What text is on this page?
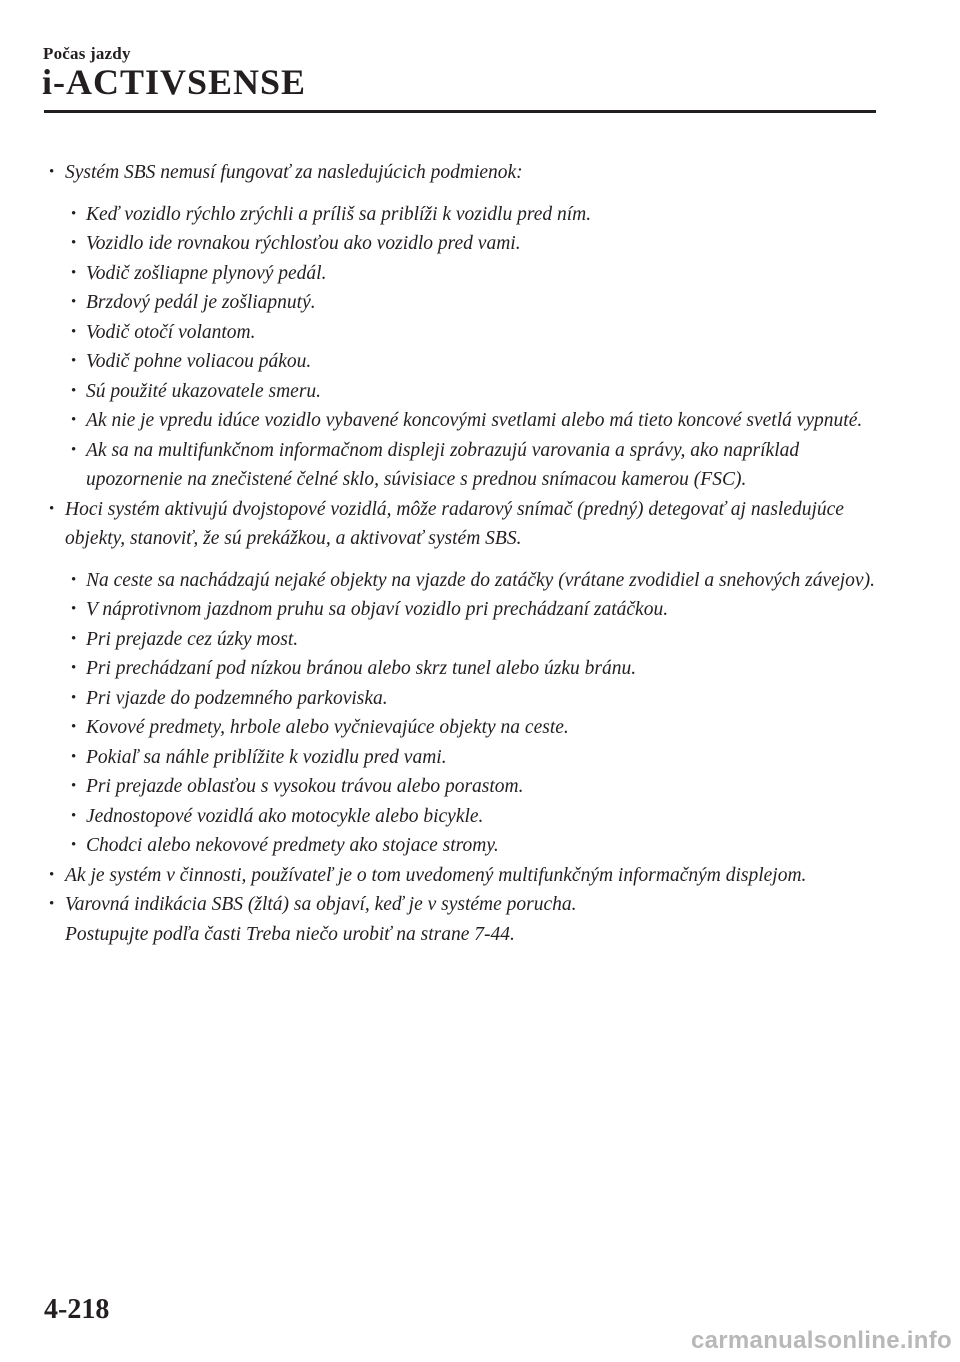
Počas jazdy
i-ACTIVSENSE
• Systém SBS nemusí fungovať za nasledujúcich podmienok:
• Keď vozidlo rýchlo zrýchli a príliš sa priblíži k vozidlu pred ním.
• Vozidlo ide rovnakou rýchlosťou ako vozidlo pred vami.
• Vodič zošliapne plynový pedál.
• Brzdový pedál je zošliapnutý.
• Vodič otočí volantom.
• Vodič pohne voliacou pákou.
• Sú použité ukazovatele smeru.
• Ak nie je vpredu idúce vozidlo vybavené koncovými svetlami alebo má tieto koncové svetlá vypnuté.
• Ak sa na multifunkčnom informačnom displeji zobrazujú varovania a správy, ako napríklad upozornenie na znečistené čelné sklo, súvisiace s prednou snímacou kamerou (FSC).
• Hoci systém aktivujú dvojstopové vozidlá, môže radarový snímač (predný) detegovať aj nasledujúce objekty, stanoviť, že sú prekážkou, a aktivovať systém SBS.
• Na ceste sa nachádzajú nejaké objekty na vjazde do zatáčky (vrátane zvodidiel a snehových závejov).
• V náprotivnom jazdnom pruhu sa objaví vozidlo pri prechádzaní zatáčkou.
• Pri prejazde cez úzky most.
• Pri prechádzaní pod nízkou bránou alebo skrz tunel alebo úzku bránu.
• Pri vjazde do podzemného parkoviska.
• Kovové predmety, hrbole alebo vyčnievajúce objekty na ceste.
• Pokiaľ sa náhle priblížite k vozidlu pred vami.
• Pri prejazde oblasťou s vysokou trávou alebo porastom.
• Jednostopové vozidlá ako motocykle alebo bicykle.
• Chodci alebo nekovové predmety ako stojace stromy.
• Ak je systém v činnosti, používateľ je o tom uvedomený multifunkčným informačným displejom.
• Varovná indikácia SBS (žltá) sa objaví, keď je v systéme porucha.
Postupujte podľa časti Treba niečo urobiť na strane 7-44.
4-218
carmanualsonline.info
